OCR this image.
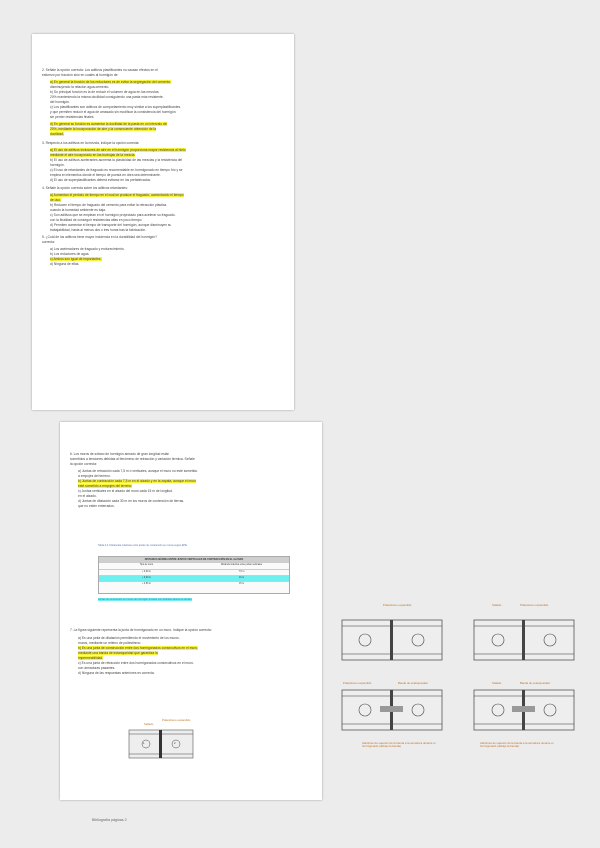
2. Señale la opción correcta: Los aditivos plastificantes no causan efectos en el
esfuerzo por tracción sino en cuales al hormigón de:
a) En general la función de los reductores es de evitar la segregación del cemento.
disminuyendo la relación agua-cemento.
b) Su principal función es la de reducir el volumen de agua en las mezclas.
20% manteniendo la misma docilidad consiguiendo una pasta más resistente.
del hormigón.
c) Los plastificantes son aditivos de comportamiento muy similar a los superplastificantes.
y que permiten reducir el agua de amasado sin modificar la consistencia del hormigón.
sin perder resistencias finales.
d) En general su función es aumentar la docilidad de la pasta en un intervalo del
20%, mediante la incorporación de aire y la consecuente obtención de la
docilidad.
3. Respecto a los aditivos en la mezcla, indique la opción correcta:
a) El uso de aditivos inclusores de aire en el hormigón proporciona mayor resistencia al hielo
mediante el aire incorporado en las burbujas de la mezcla.
b) El uso de aditivos acelerantes aumenta la plasticidad de las mezclas y la resistencia del
hormigón.
c) El uso de retardantes de fraguado es recomendable en hormigonado en tiempo frío y se
emplea en elementos donde el tiempo de puesta en obra sea determinante.
d) El uso de superplastificantes deberá evitarse en los prefabricados.
4. Señale la opción correcta sobre los aditivos retardantes:
a) Aumentan el periodo de tiempo en el cual se produce el fraguado, aumentando el tiempo
de uso.
b) Reducen el tiempo de fraguado del cemento para evitar la retracción plástica.
cuando la humedad ambiente es baja.
c) Son aditivos que se emplean en el hormigón proyectado para acelerar su fraguado.
con la finalidad de conseguir resistencias altas en poco tiempo.
d) Permiten aumentar el tiempo de transporte del hormigón, aunque disminuyen su
trabajabilidad, hasta al menos dos o tres horas tras la fabricación.
5. ¿Cuál de los aditivos tiene mayor incidencia en la durabilidad del hormigón?
correcta:
a) Los aceleradores de fraguado y endurecimiento.
b) Los reductores de agua.
c) Ambos son igual de importantes.
d) Ninguna de ellas.
Tabla 4.2. Distancias máximas entre juntas de contracción en muros según EHE.
DISTANCIA MÁXIMA ENTRE JUNTAS VERTICALES DE CONTRACCIÓN EN EL ALZADO
Tipo de muro	Distancia máxima entre juntas verticales
≥ 3,00 m	7,5 m
≤ 3,00 m	10 m
≤ 2,50 m	15 m
Juntas de contracción en muros de hormigón armado con distintas alturas de alzado.
Sellado
Poliestireno expandido
1	2
6. Los muros de sótano de hormigón armado de gran longitud están
sometidos a tensiones debidas al fenómeno de retracción y variación térmica. Señale
la opción correcta:
a) Juntas de retracción cada 7,5 m ó verticales, aunque el muro no esté sometido.
a empujes del terreno.
b) Juntas de contracción cada 7,5 m en el alzado y en la zapata, aunque el muro
esté sometido a empujes del terreno.
c) Juntas verticales en el alzado del muro cada 15 m de longitud.
en el alzado.
d) Juntas de dilatación cada 30 m en los muros de contención de tierras.
que no estén enterrados.
7. La figura siguiente representa la junta de hormigonado en un muro. Indique la opción correcta:
a) Es una junta de dilatación permitiendo el movimiento de los muros.
muros, mediante un relleno de poliestireno.
b) Es una junta de construcción entre dos hormigonados consecutivos en el muro,
mediante una banda de estanqueidad que garantiza la
impermeabilidad.
c) Es una junta de retracción entre dos hormigonados consecutivos en el muro.
con armaduras pasantes.
d) Ninguna de las respuestas anteriores es correcta.
Poliestireno expandido	Sellado	Poliestireno expandido
Poliestireno expandido	Banda de estanqueidad	Sellado	Banda de estanqueidad
Alambres de sujeción de la banda a la armadura durante el hormigonado (debajo la banda)
Alambres de sujeción de la banda a la armadura durante el hormigonado (debajo la banda)
Bibliografía páginas 2
